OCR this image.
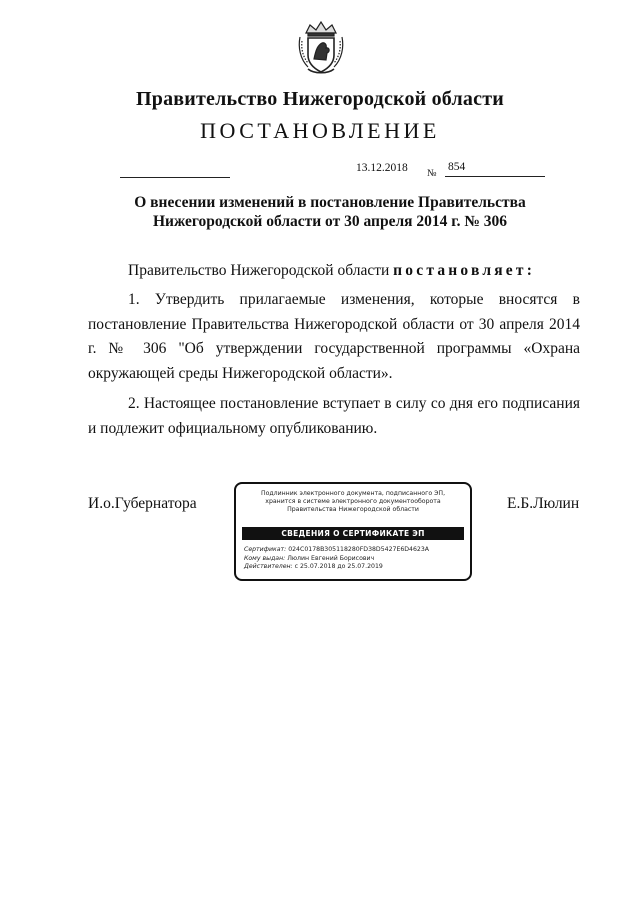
Правительство Нижегородской области
ПОСТАНОВЛЕНИЕ
13.12.2018 №
854
О внесении изменений в постановление Правительства
Нижегородской области от 30 апреля 2014 г. № 306
Правительство Нижегородской области постановляет:
1. Утвердить прилагаемые изменения, которые вносятся в постановление Правительства Нижегородской области от 30 апреля 2014 г. № 306 "Об утверждении государственной программы «Охрана окружающей среды Нижегородской области».
2. Настоящее постановление вступает в силу со дня его подписания и подлежит официальному опубликованию.
И.о.Губернатора
Подлинник электронного документа, подписанного ЭП,
хранится в системе электронного документооборота
Правительства Нижегородской области
СВЕДЕНИЯ О СЕРТИФИКАТЕ ЭП
Сертификат: 024C0178B305118280FD38D5427E6D4623A
Кому выдан: Люлин Евгений Борисович
Действителен: с 25.07.2018 до 25.07.2019
Е.Б.Люлин
